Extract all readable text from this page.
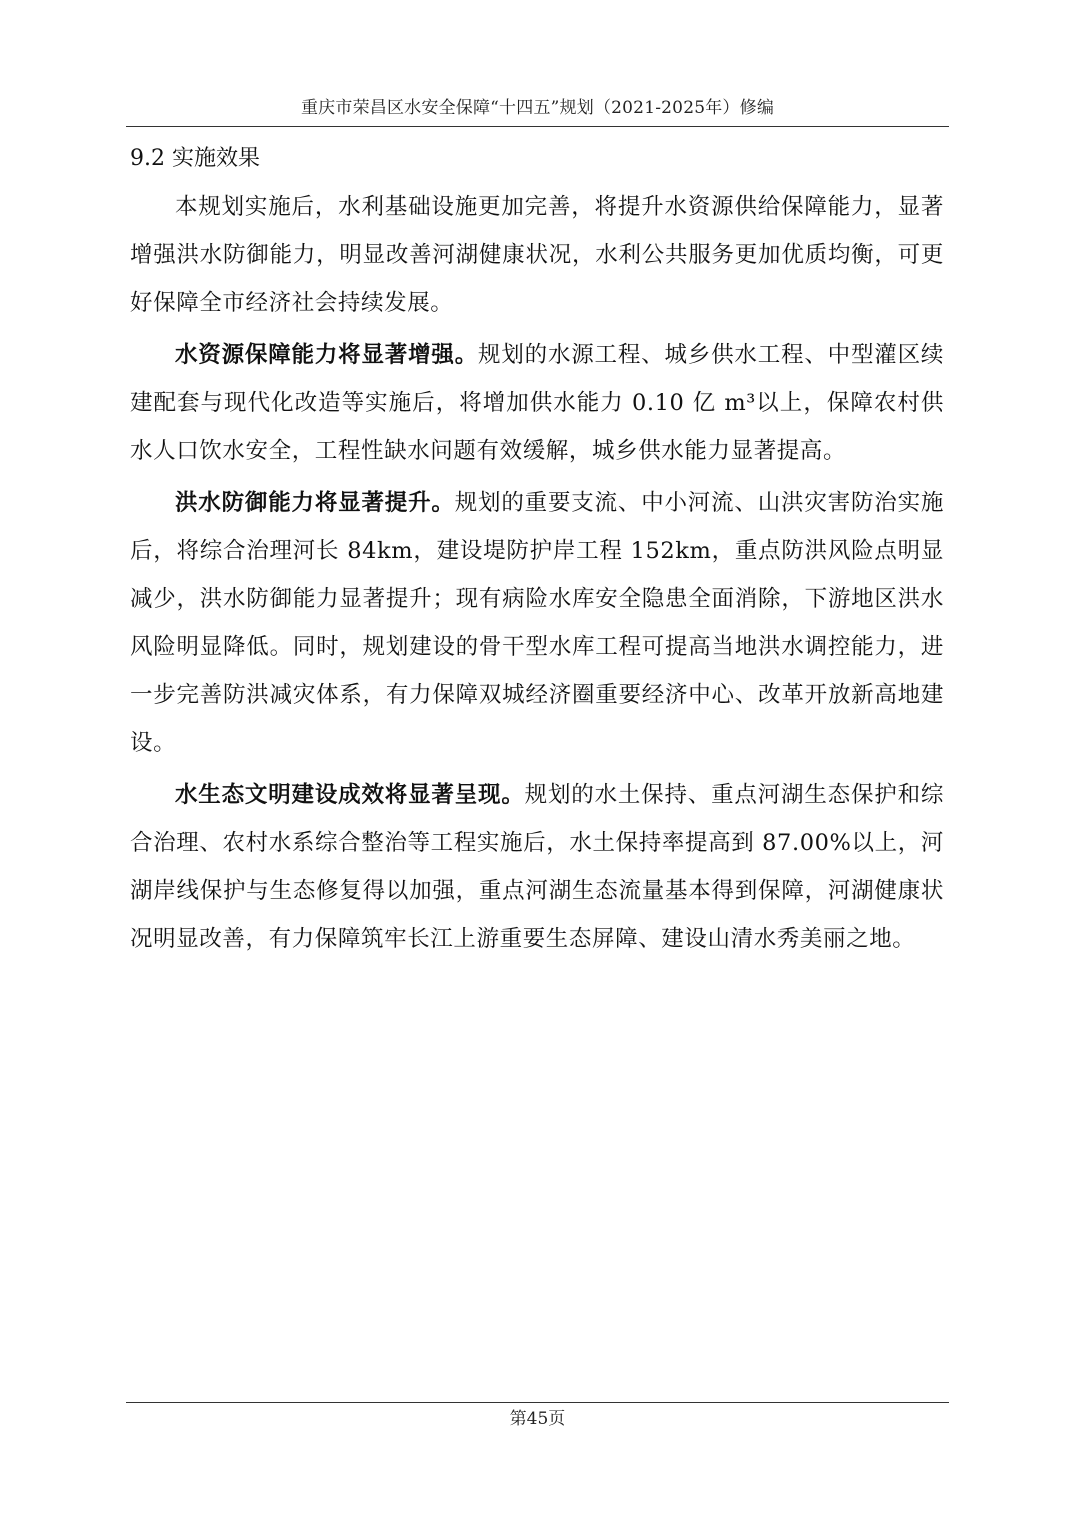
重庆市荣昌区水安全保障“十四五”规划（2021-2025年）修编
9.2 实施效果

本规划实施后，水利基础设施更加完善，将提升水资源供给保障能力，显著增强洪水防御能力，明显改善河湖健康状况，水利公共服务更加优质均衡，可更好保障全市经济社会持续发展。

水资源保障能力将显著增强。规划的水源工程、城乡供水工程、中型灌区续建配套与现代化改造等实施后，将增加供水能力 0.10 亿 m³以上，保障农村供水人口饮水安全，工程性缺水问题有效缓解，城乡供水能力显著提高。

洪水防御能力将显著提升。规划的重要支流、中小河流、山洪灾害防治实施后，将综合治理河长 84km，建设堤防护岸工程 152km，重点防洪风险点明显减少，洪水防御能力显著提升；现有病险水库安全隐患全面消除，下游地区洪水风险明显降低。同时，规划建设的骨干型水库工程可提高当地洪水调控能力，进一步完善防洪减灾体系，有力保障双城经济圈重要经济中心、改革开放新高地建设。

水生态文明建设成效将显著呈现。规划的水土保持、重点河湖生态保护和综合治理、农村水系综合整治等工程实施后，水土保持率提高到 87.00%以上，河湖岸线保护与生态修复得以加强，重点河湖生态流量基本得到保障，河湖健康状况明显改善，有力保障筑牢长江上游重要生态屏障、建设山清水秀美丽之地。

第45页
